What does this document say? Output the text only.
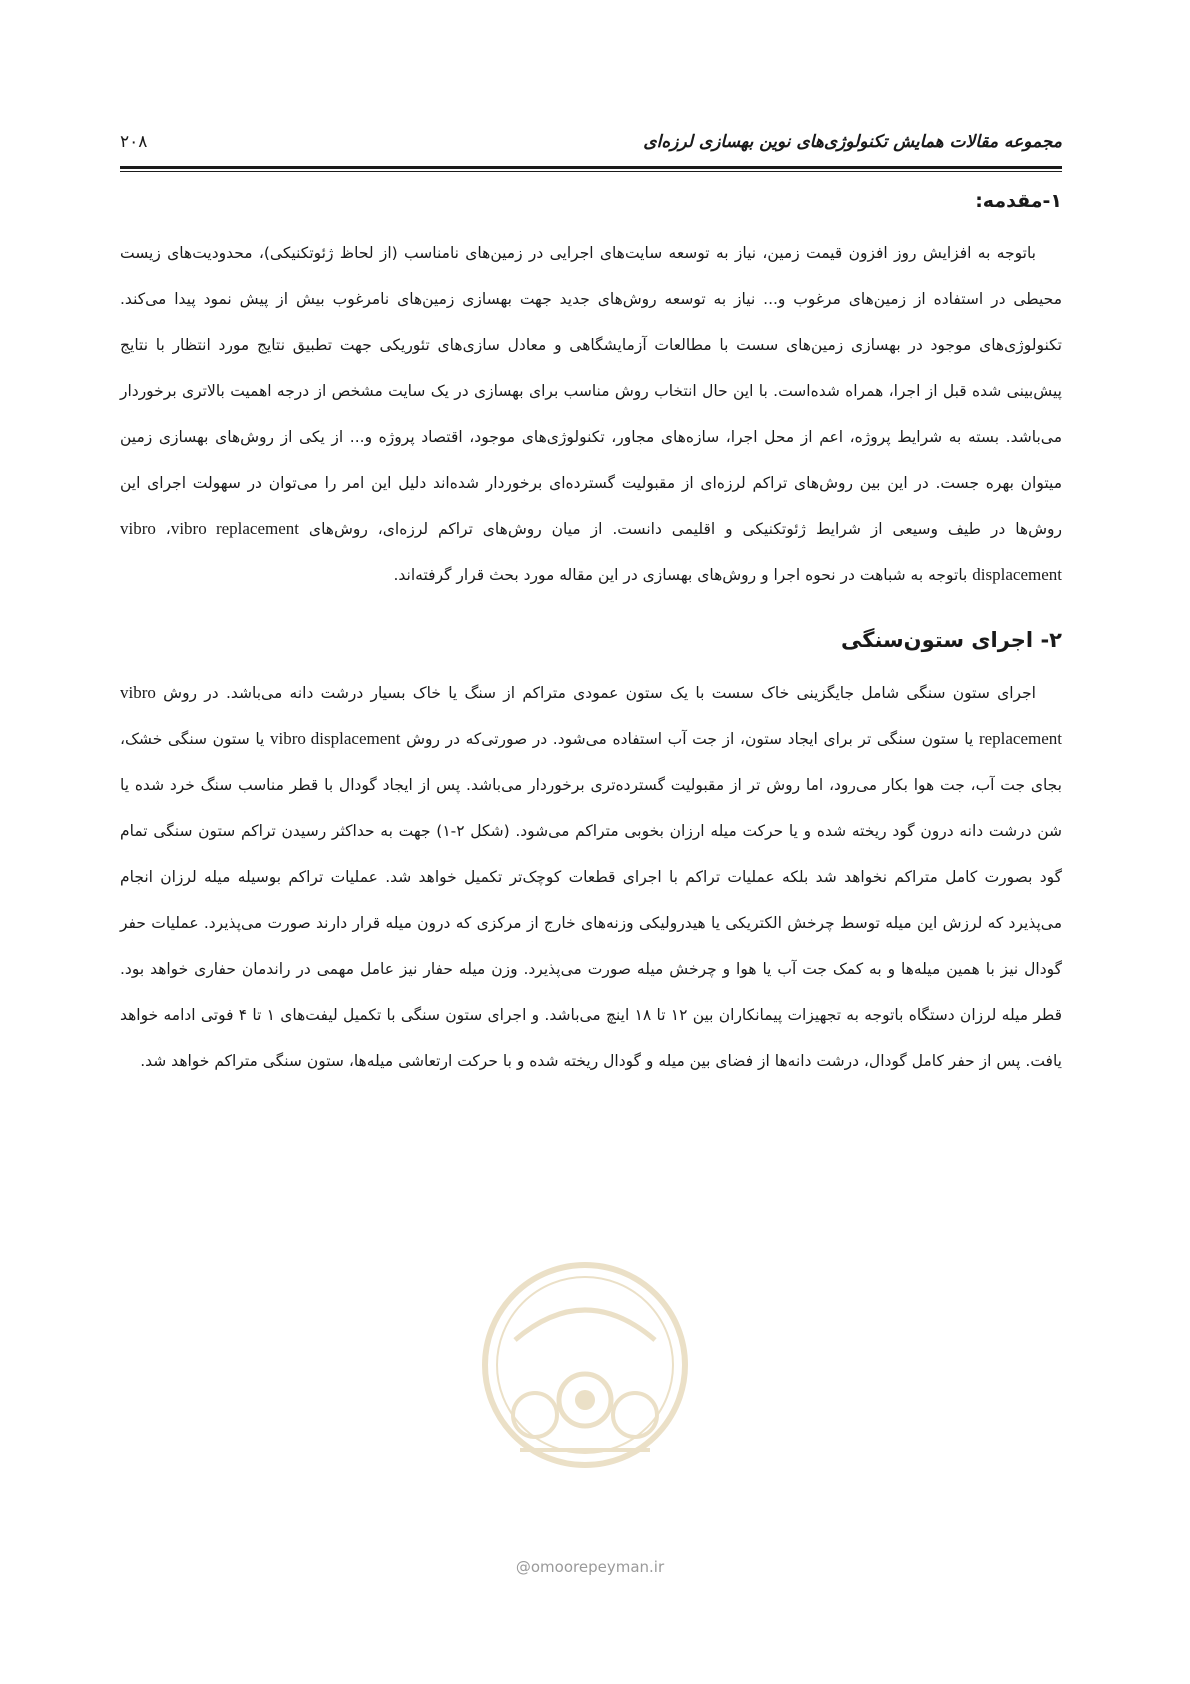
مجموعه مقالات همایش تکنولوژی‌های نوین بهسازی لرزه‌ای
۲۰۸
۱-مقدمه:

باتوجه به افزایش روز افزون قیمت زمین، نیاز به توسعه سایت‌های اجرایی در زمین‌های نامناسب (از لحاظ ژئوتکنیکی)، محدودیت‌های زیست محیطی در استفاده از زمین‌های مرغوب و... نیاز به توسعه روش‌های جدید جهت بهسازی زمین‌های نامرغوب بیش از پیش نمود پیدا می‌کند. تکنولوژی‌های موجود در بهسازی زمین‌های سست با مطالعات آزمایشگاهی و معادل سازی‌های تئوریکی جهت تطبیق نتایج مورد انتظار با نتایج پیش‌بینی شده قبل از اجرا، همراه شده‌است. با این حال انتخاب روش مناسب برای بهسازی در یک سایت مشخص از درجه اهمیت بالاتری برخوردار می‌باشد. بسته به شرایط پروژه، اعم از محل اجرا، سازه‌های مجاور، تکنولوژی‌های موجود، اقتصاد پروژه و... از یکی از روش‌های بهسازی زمین میتوان بهره جست. در این بین روش‌های تراکم لرزه‌ای از مقبولیت گسترده‌ای برخوردار شده‌اند دلیل این امر را می‌توان در سهولت اجرای این روش‌ها در طیف وسیعی از شرایط ژئوتکنیکی و اقلیمی دانست. از میان روش‌های تراکم لرزه‌ای، روش‌های vibro replacement، vibro displacement باتوجه به شباهت در نحوه اجرا و روش‌های بهسازی در این مقاله مورد بحث قرار گرفته‌اند.

۲- اجرای ستون‌سنگی

اجرای ستون سنگی شامل جایگزینی خاک سست با یک ستون عمودی متراکم از سنگ یا خاک بسیار درشت دانه می‌باشد. در روش vibro replacement یا ستون سنگی تر برای ایجاد ستون، از جت آب استفاده می‌شود. در صورتی‌که در روش vibro displacement یا ستون سنگی خشک، بجای جت آب، جت هوا بکار می‌رود، اما روش تر از مقبولیت گسترده‌تری برخوردار می‌باشد. پس از ایجاد گودال با قطر مناسب سنگ خرد شده یا شن درشت دانه درون گود ریخته شده و یا حرکت میله ارزان بخوبی متراکم می‌شود. (شکل ۲-۱) جهت به حداکثر رسیدن تراکم ستون سنگی تمام گود بصورت کامل متراکم نخواهد شد بلکه عملیات تراکم با اجرای قطعات کوچک‌تر تکمیل خواهد شد. عملیات تراکم بوسیله میله لرزان انجام می‌پذیرد که لرزش این میله توسط چرخش الکتریکی یا هیدرولیکی وزنه‌های خارج از مرکزی که درون میله قرار دارند صورت می‌پذیرد. عملیات حفر گودال نیز با همین میله‌ها و به کمک جت آب یا هوا و چرخش میله صورت می‌پذیرد. وزن میله حفار نیز عامل مهمی در راندمان حفاری خواهد بود. قطر میله لرزان دستگاه باتوجه به تجهیزات پیمانکاران بین ۱۲ تا ۱۸ اینچ می‌باشد. و اجرای ستون سنگی با تکمیل لیفت‌های ۱ تا ۴ فوتی ادامه خواهد یافت. پس از حفر کامل گودال، درشت دانه‌ها از فضای بین میله و گودال ریخته شده و با حرکت ارتعاشی میله‌ها، ستون سنگی متراکم خواهد شد.

@omoorepeyman.ir
